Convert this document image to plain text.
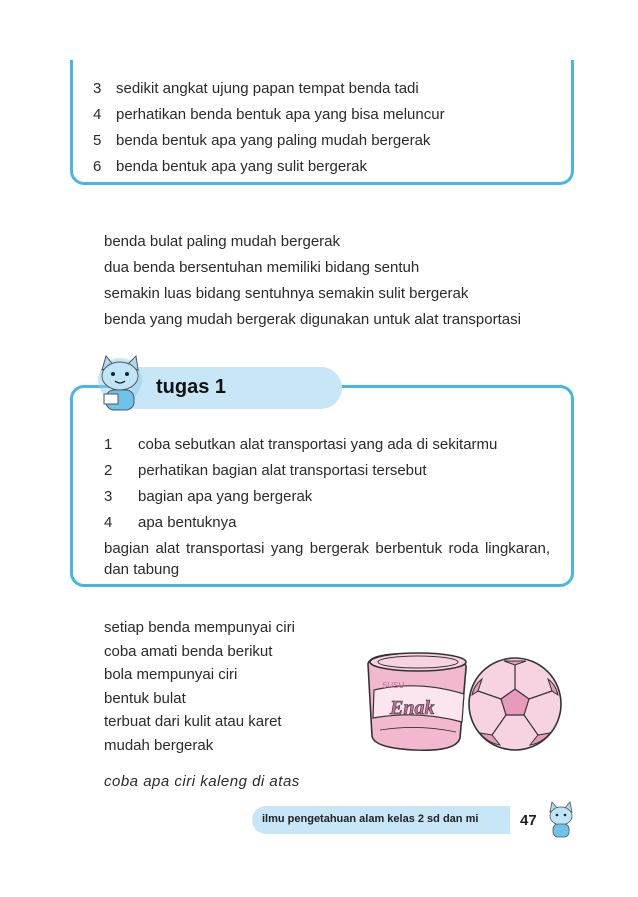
3 sedikit angkat ujung papan tempat benda tadi
4 perhatikan benda bentuk apa yang bisa meluncur
5 benda bentuk apa yang paling mudah bergerak
6 benda bentuk apa yang sulit bergerak
benda bulat paling mudah bergerak
dua benda bersentuhan memiliki bidang sentuh
semakin luas bidang sentuhnya semakin sulit bergerak
benda yang mudah bergerak digunakan untuk alat transportasi
tugas 1
1	coba sebutkan alat transportasi yang ada di sekitarmu
2	perhatikan bagian alat transportasi tersebut
3	bagian apa yang bergerak
4	apa bentuknya
bagian alat transportasi yang bergerak berbentuk roda lingkaran, dan tabung
setiap benda mempunyai ciri
coba amati benda berikut
bola mempunyai ciri
bentuk bulat
terbuat dari kulit atau karet
mudah bergerak
SUSU
Enak
coba apa ciri kaleng di atas
ilmu pengetahuan alam kelas 2 sd dan mi	47
